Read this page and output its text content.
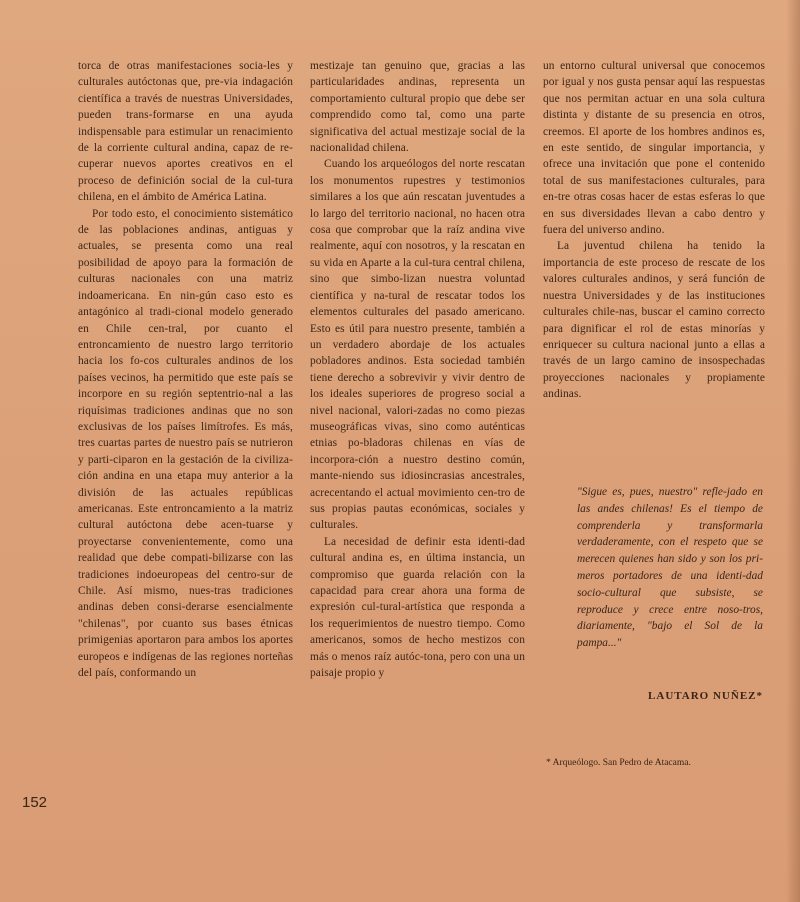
torca de otras manifestaciones socia-les y culturales autóctonas que, pre-via indagación científica a través de nuestras Universidades, pueden trans-formarse en una ayuda indispensable para estimular un renacimiento de la corriente cultural andina, capaz de re-cuperar nuevos aportes creativos en el proceso de definición social de la cul-tura chilena, en el ámbito de América Latina.

Por todo esto, el conocimiento sistemático de las poblaciones andinas, antiguas y actuales, se presenta como una real posibilidad de apoyo para la formación de culturas nacionales con una matriz indoamericana. En nin-gún caso esto es antagónico al tradi-cional modelo generado en Chile cen-tral, por cuanto el entroncamiento de nuestro largo territorio hacia los fo-cos culturales andinos de los países vecinos, ha permitido que este país se incorpore en su región septentrio-nal a las riquísimas tradiciones andinas que no son exclusivas de los países limítrofes. Es más, tres cuartas partes de nuestro país se nutrieron y parti-ciparon en la gestación de la civiliza-ción andina en una etapa muy anterior a la división de las actuales repúblicas americanas. Este entroncamiento a la matriz cultural autóctona debe acen-tuarse y proyectarse convenientemente, como una realidad que debe compati-bilizarse con las tradiciones indoeuropeas del centro-sur de Chile. Así mismo, nues-tras tradiciones andinas deben consi-derarse esencialmente "chilenas", por cuanto sus bases étnicas primigenias aportaron para ambos los aportes europeos e indígenas de las regiones norteñas del país, conformando un

mestizaje tan genuino que, gracias a las particularidades andinas, representa un comportamiento cultural propio que debe ser comprendido como tal, como una parte significativa del actual mestizaje social de la nacionalidad chilena.

Cuando los arqueólogos del norte rescatan los monumentos rupestres y testimonios similares a los que aún rescatan juventudes a lo largo del territorio nacional, no hacen otra cosa que comprobar que la raíz andina vive realmente, aquí con nosotros, y la rescatan en su vida en Aparte a la cul-tura central chilena, sino que simbo-lizan nuestra voluntad científica y na-tural de rescatar todos los elementos culturales del pasado americano. Esto es útil para nuestro presente, también a un verdadero abordaje de los actuales pobladores andinos. Esta sociedad también tiene derecho a sobrevivir y vivir dentro de los ideales superiores de progreso social a nivel nacional, valori-zadas no como piezas museográficas vivas, sino como auténticas etnias po-bladoras chilenas en vías de incorpora-ción a nuestro destino común, mante-niendo sus idiosincrasias ancestrales, acrecentando el actual movimiento cen-tro de sus propias pautas económicas, sociales y culturales.

La necesidad de definir esta identi-dad cultural andina es, en última instancia, un compromiso que guarda relación con la capacidad para crear ahora una forma de expresión cul-tural-artística que responda a los requerimientos de nuestro tiempo. Como americanos, somos de hecho mestizos con más o menos raíz autóc-tona, pero con una un paisaje propio y

un entorno cultural universal que conocemos por igual y nos gusta pensar aquí las respuestas que nos permitan actuar en una sola cultura distinta y distante de su presencia en otros, creemos. El aporte de los hombres andinos es, en este sentido, de singular importancia, y ofrece una invitación que pone el contenido total de sus manifestaciones culturales, para en-tre otras cosas hacer de estas esferas lo que en sus diversidades llevan a cabo dentro y fuera del universo andino.

La juventud chilena ha tenido la importancia de este proceso de rescate de los valores culturales andinos, y será función de nuestra Universidades y de las instituciones culturales chile-nas, buscar el camino correcto para dignificar el rol de estas minorías y enriquecer su cultura nacional junto a ellas a través de un largo camino de insospechadas proyecciones nacionales y propiamente andinas.

"Sigue es, pues, nuestro" refle-jado en las andes chilenas! Es el tiempo de comprenderla y transformarla verdaderamente, con el respeto que se merecen quienes han sido y son los pri-meros portadores de una identi-dad socio-cultural que subsiste, se reproduce y crece entre noso-tros, diariamente, "bajo el Sol de la pampa..."
LAUTARO NUÑEZ*
* Arqueólogo. San Pedro de Atacama.
152
